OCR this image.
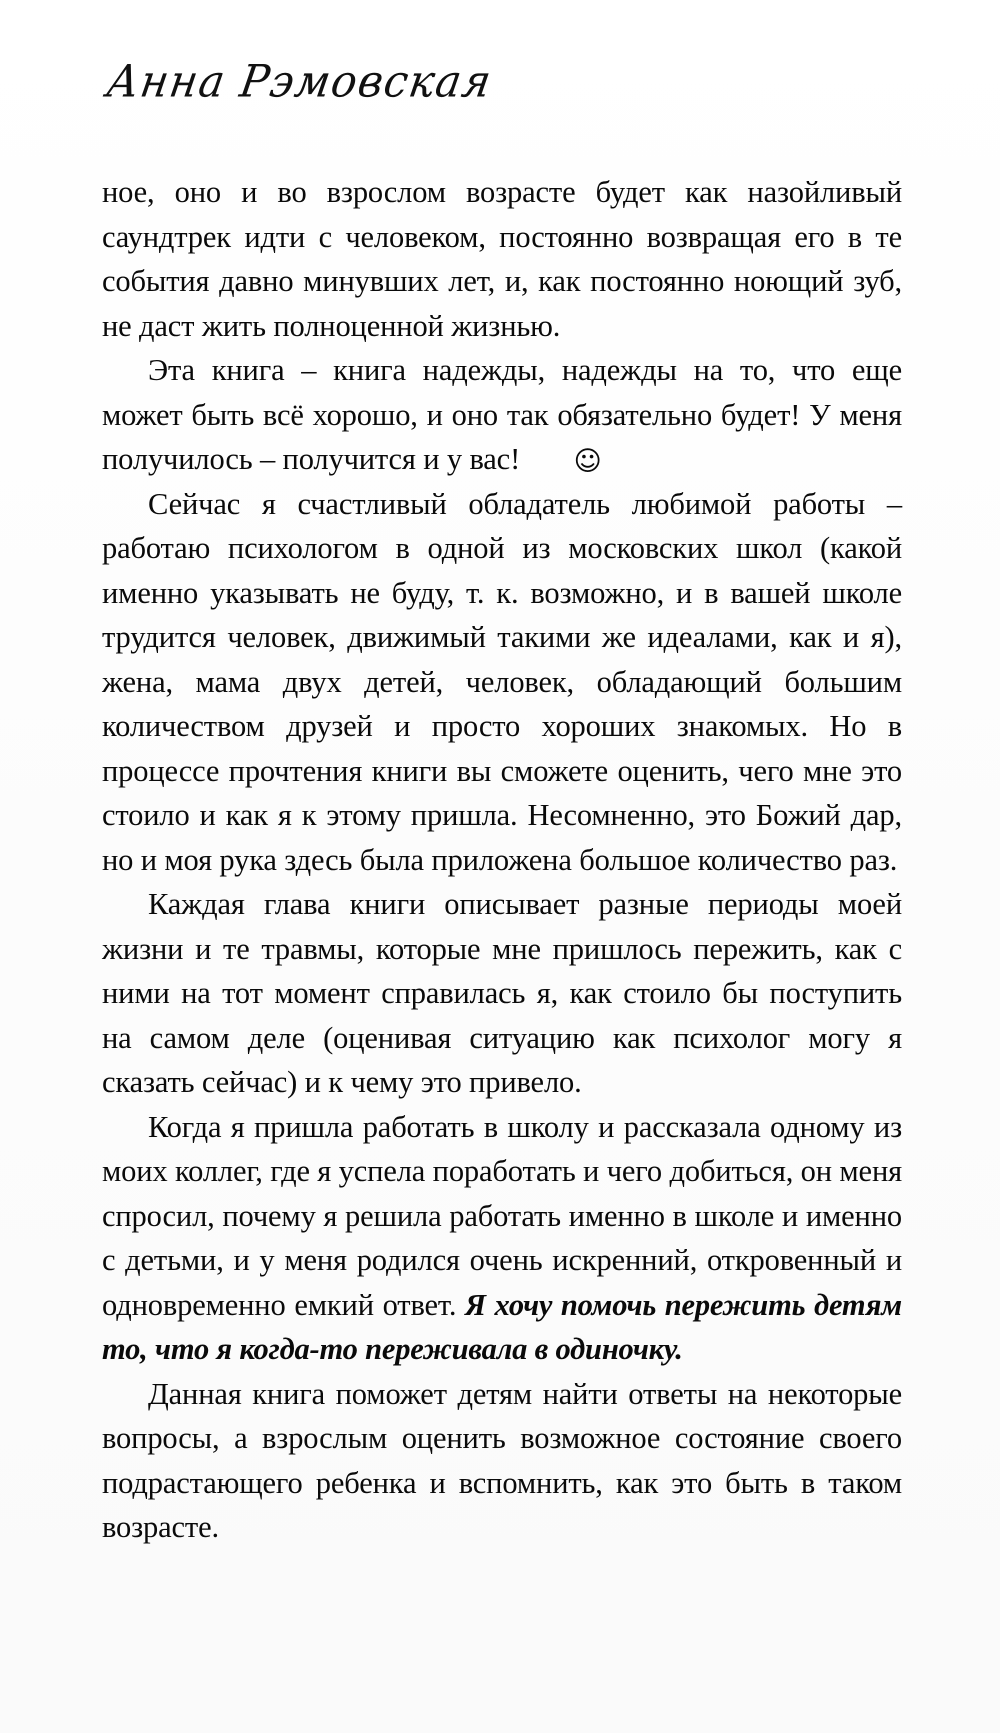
Анна Рэмовская

ное, оно и во взрослом возрасте будет как назойливый саундтрек идти с человеком, постоянно возвращая его в те события давно минувших лет, и, как постоянно ноющий зуб, не даст жить полноценной жизнью.

Эта книга – книга надежды, надежды на то, что еще может быть всё хорошо, и оно так обязательно будет! У меня получилось – получится и у вас! ☺

Сейчас я счастливый обладатель любимой работы – работаю психологом в одной из московских школ (какой именно указывать не буду, т. к. возможно, и в вашей школе трудится человек, движимый такими же идеалами, как и я), жена, мама двух детей, человек, обладающий большим количеством друзей и просто хороших знакомых. Но в процессе прочтения книги вы сможете оценить, чего мне это стоило и как я к этому пришла. Несомненно, это Божий дар, но и моя рука здесь была приложена большое количество раз.

Каждая глава книги описывает разные периоды моей жизни и те травмы, которые мне пришлось пережить, как с ними на тот момент справилась я, как стоило бы поступить на самом деле (оценивая ситуацию как психолог могу я сказать сейчас) и к чему это привело.

Когда я пришла работать в школу и рассказала одному из моих коллег, где я успела поработать и чего добиться, он меня спросил, почему я решила работать именно в школе и именно с детьми, и у меня родился очень искренний, откровенный и одновременно емкий ответ. Я хочу помочь пережить детям то, что я когда-то переживала в одиночку.

Данная книга поможет детям найти ответы на некоторые вопросы, а взрослым оценить возможное состояние своего подрастающего ребенка и вспомнить, как это быть в таком возрасте.
